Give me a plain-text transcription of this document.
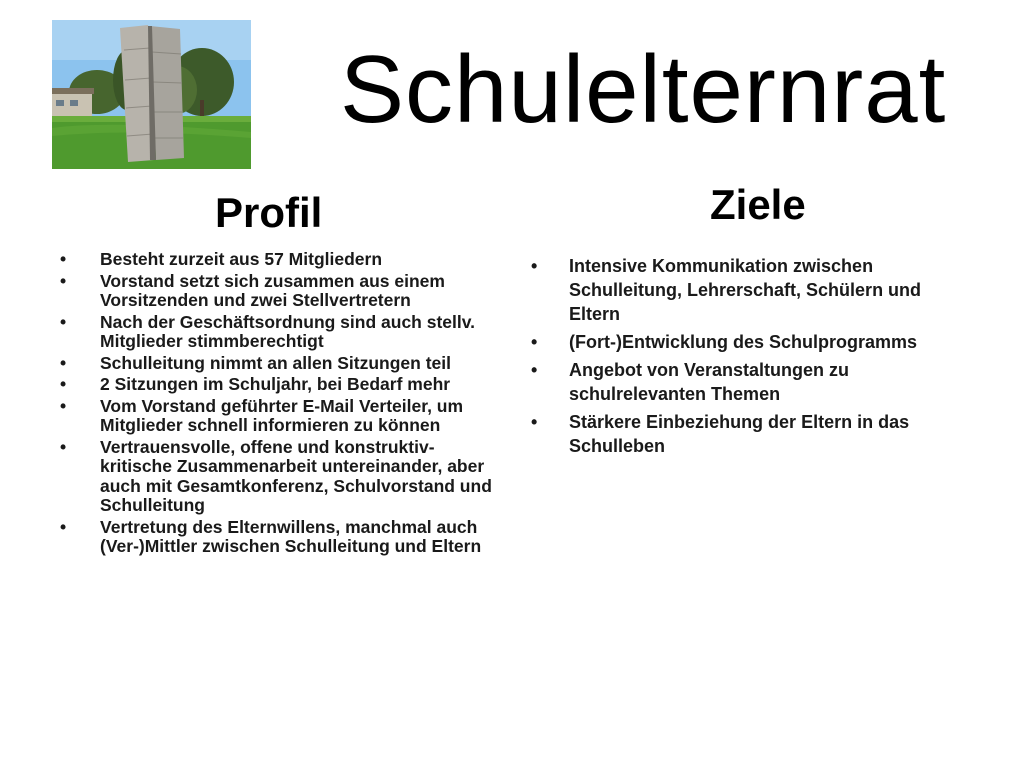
Schulelternrat
Profil	Ziele
• Besteht zurzeit aus 57 Mitgliedern
• Vorstand setzt sich zusammen aus einem Vorsitzenden und zwei Stellvertretern
• Nach der Geschäftsordnung sind auch stellv. Mitglieder stimmberechtigt
• Schulleitung nimmt an allen Sitzungen teil
• 2 Sitzungen im Schuljahr, bei Bedarf mehr
• Vom Vorstand geführter E-Mail Verteiler, um Mitglieder schnell informieren zu können
• Vertrauensvolle, offene und konstruktiv-kritische Zusammenarbeit untereinander, aber auch mit Gesamtkonferenz, Schulvorstand und Schulleitung
• Vertretung des Elternwillens, manchmal auch (Ver-)Mittler zwischen Schulleitung und Eltern
• Intensive Kommunikation zwischen Schulleitung, Lehrerschaft, Schülern und Eltern
• (Fort-)Entwicklung des Schulprogramms
• Angebot von Veranstaltungen zu schulrelevanten Themen
• Stärkere Einbeziehung der Eltern in das Schulleben
